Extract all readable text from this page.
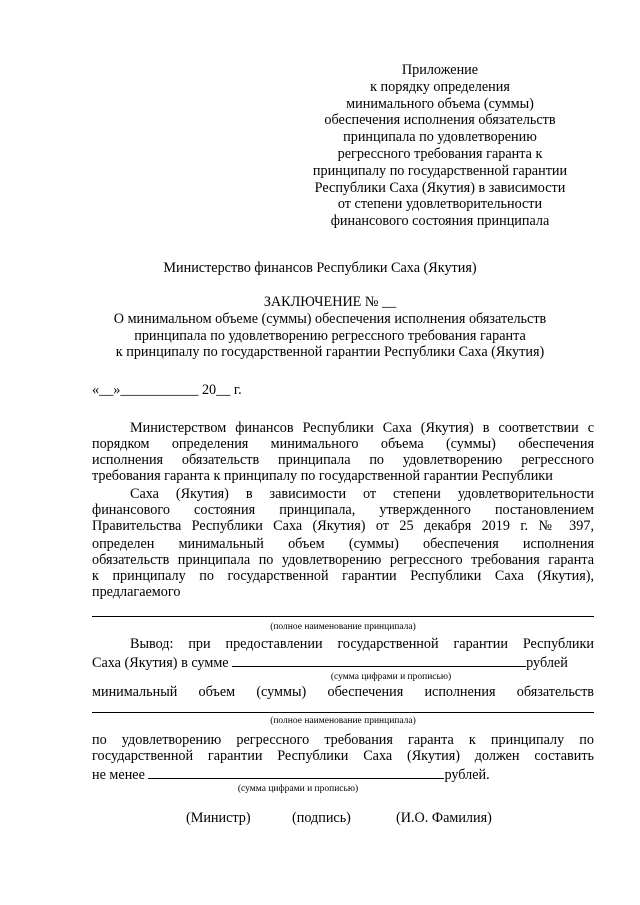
Приложение
к порядку определения
минимального объема (суммы)
обеспечения исполнения обязательств
принципала по удовлетворению
регрессного требования гаранта к
принципалу по государственной гарантии
Республики Саха (Якутия) в зависимости
от степени удовлетворительности
финансового состояния принципала
Министерство финансов Республики Саха (Якутия)
ЗАКЛЮЧЕНИЕ № __
О минимальном объеме (суммы) обеспечения исполнения обязательств
принципала по удовлетворению регрессного требования гаранта
к принципалу по государственной гарантии Республики Саха (Якутия)
«__»___________ 20__ г.
Министерством финансов Республики Саха (Якутия) в соответствии с
порядком определения минимального объема (суммы) обеспечения
исполнения обязательств принципала по удовлетворению регрессного
требования гаранта к принципалу по государственной гарантии Республики
Саха (Якутия) в зависимости от степени удовлетворительности
финансового состояния принципала, утвержденного постановлением
Правительства Республики Саха (Якутия) от 25 декабря 2019 г. № 397,
определен минимальный объем (суммы) обеспечения исполнения
обязательств принципала по удовлетворению регрессного требования гаранта
к принципалу по государственной гарантии Республики Саха (Якутия),
предлагаемого
(полное наименование принципала)
Вывод: при предоставлении государственной гарантии Республики
Саха (Якутия) в сумме	рублей
(сумма цифрами и прописью)
минимальный объем (суммы) обеспечения исполнения обязательств
(полное наименование принципала)
по удовлетворению регрессного требования гаранта к принципалу по
государственной гарантии Республики Саха (Якутия) должен составить
не менее	рублей.
(сумма цифрами и прописью)
(Министр)	(подпись)	(И.О. Фамилия)
